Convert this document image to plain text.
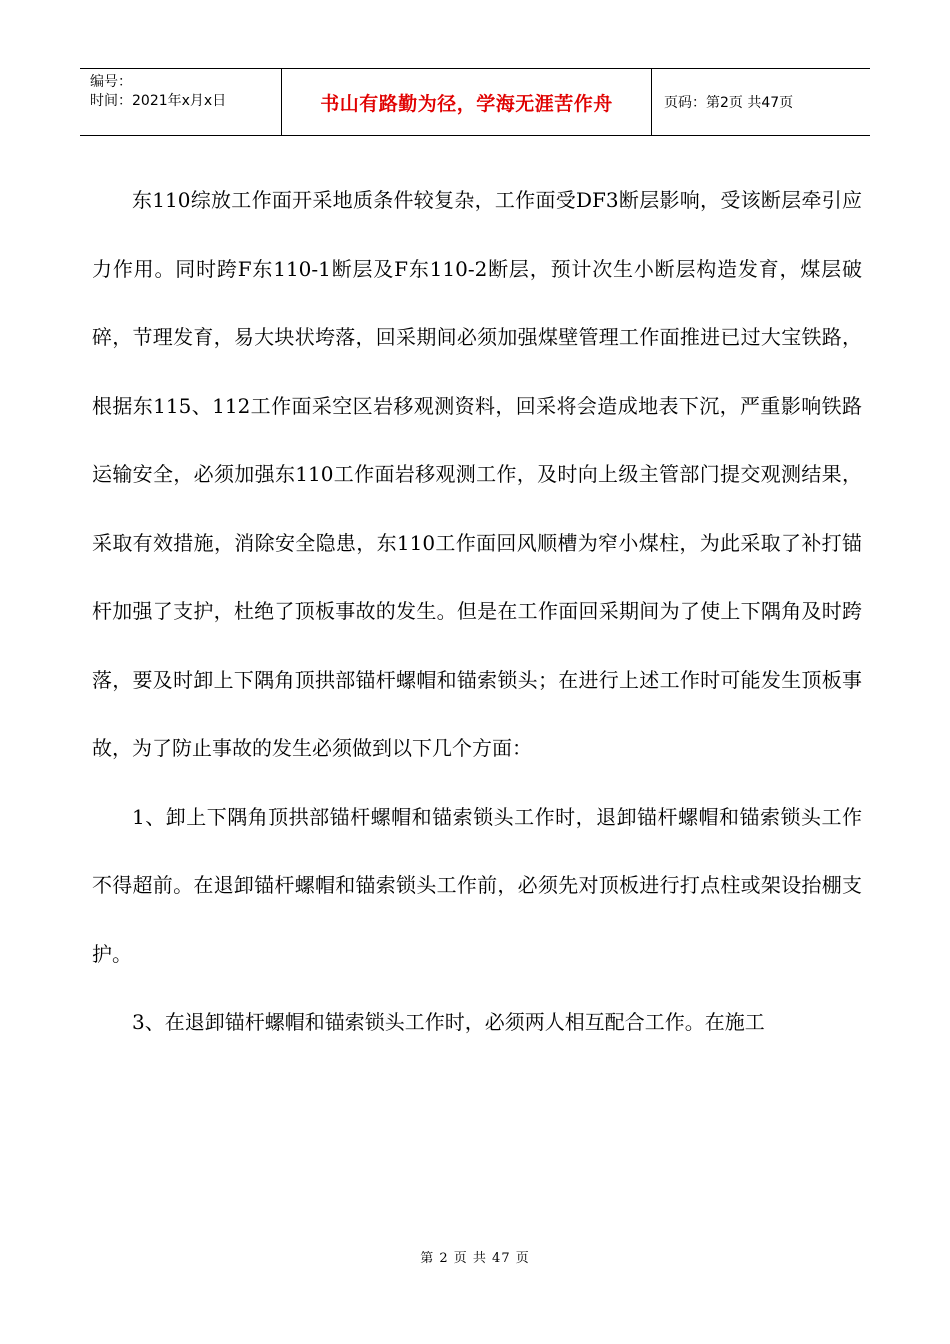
编号：
时间：2021年x月x日	书山有路勤为径，学海无涯苦作舟	页码：第2页 共47页

东110综放工作面开采地质条件较复杂，工作面受DF3断层影响，受该断层牵引应力作用。同时跨F东110-1断层及F东110-2断层，预计次生小断层构造发育，煤层破碎，节理发育，易大块状垮落，回采期间必须加强煤壁管理工作面推进已过大宝铁路，根据东115、112工作面采空区岩移观测资料，回采将会造成地表下沉，严重影响铁路运输安全，必须加强东110工作面岩移观测工作，及时向上级主管部门提交观测结果，采取有效措施，消除安全隐患，东110工作面回风顺槽为窄小煤柱，为此采取了补打锚杆加强了支护，杜绝了顶板事故的发生。但是在工作面回采期间为了使上下隅角及时跨落，要及时卸上下隅角顶拱部锚杆螺帽和锚索锁头；在进行上述工作时可能发生顶板事故，为了防止事故的发生必须做到以下几个方面：

1、卸上下隅角顶拱部锚杆螺帽和锚索锁头工作时，退卸锚杆螺帽和锚索锁头工作不得超前。在退卸锚杆螺帽和锚索锁头工作前，必须先对顶板进行打点柱或架设抬棚支护。

3、在退卸锚杆螺帽和锚索锁头工作时，必须两人相互配合工作。在施工

第 2 页 共 47 页
